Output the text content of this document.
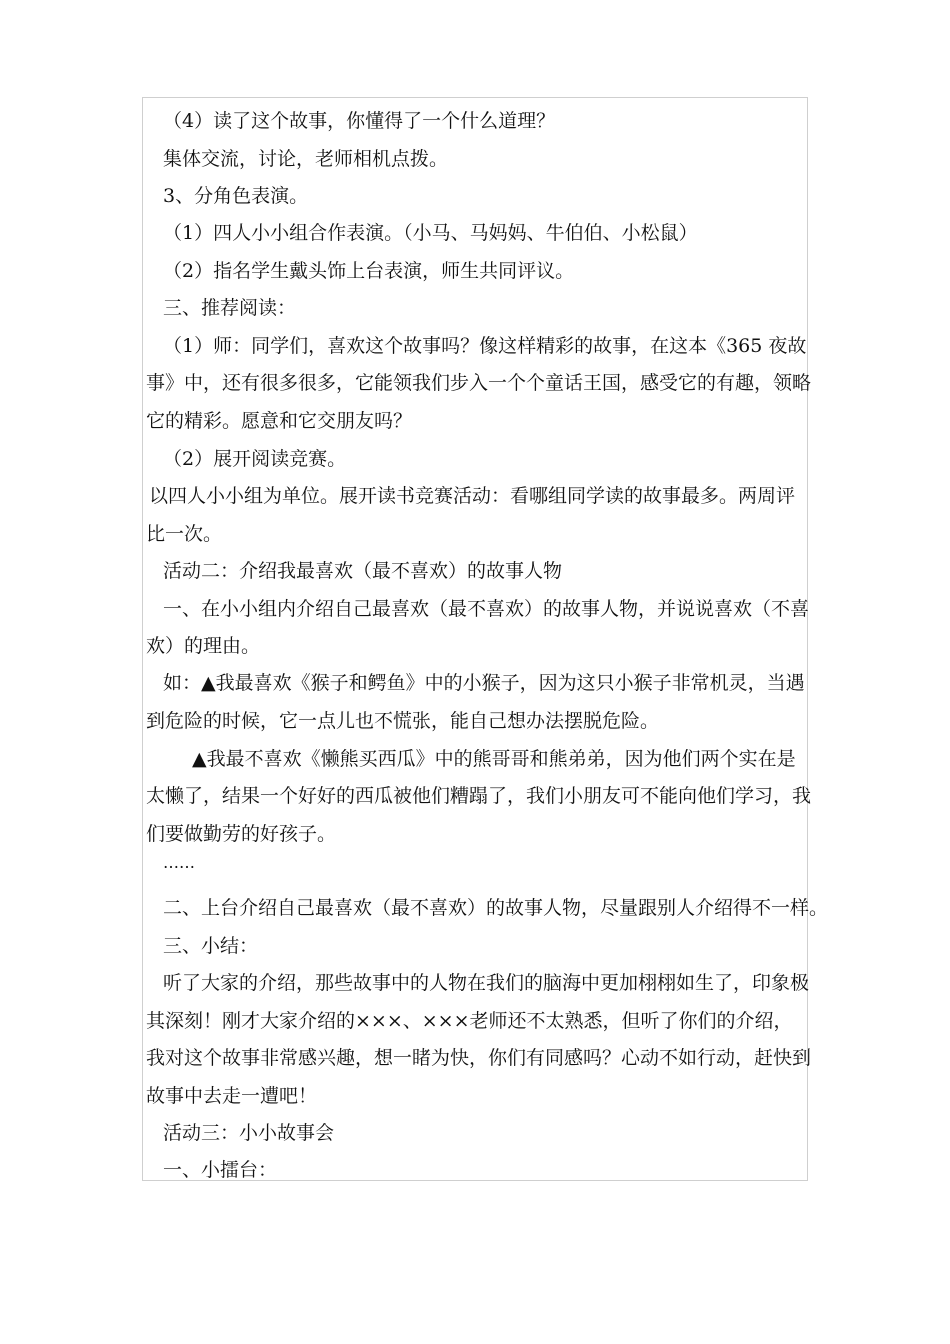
（4）读了这个故事，你懂得了一个什么道理？
集体交流，讨论，老师相机点拨。
3、分角色表演。
（1）四人小小组合作表演。（小马、马妈妈、牛伯伯、小松鼠）
（2）指名学生戴头饰上台表演，师生共同评议。
三、推荐阅读：
（1）师：同学们，喜欢这个故事吗？像这样精彩的故事，在这本《365 夜故
事》中，还有很多很多，它能领我们步入一个个童话王国，感受它的有趣，领略
它的精彩。愿意和它交朋友吗？
（2）展开阅读竞赛。
以四人小小组为单位。展开读书竞赛活动：看哪组同学读的故事最多。两周评
比一次。
活动二：介绍我最喜欢（最不喜欢）的故事人物
一、在小小组内介绍自己最喜欢（最不喜欢）的故事人物，并说说喜欢（不喜
欢）的理由。
如：▲我最喜欢《猴子和鳄鱼》中的小猴子，因为这只小猴子非常机灵，当遇
到危险的时候，它一点儿也不慌张，能自己想办法摆脱危险。
▲我最不喜欢《懒熊买西瓜》中的熊哥哥和熊弟弟，因为他们两个实在是
太懒了，结果一个好好的西瓜被他们糟蹋了，我们小朋友可不能向他们学习，我
们要做勤劳的好孩子。
……
二、上台介绍自己最喜欢（最不喜欢）的故事人物，尽量跟别人介绍得不一样。
三、小结：
听了大家的介绍，那些故事中的人物在我们的脑海中更加栩栩如生了，印象极
其深刻！刚才大家介绍的×××、×××老师还不太熟悉，但听了你们的介绍，
我对这个故事非常感兴趣，想一睹为快，你们有同感吗？心动不如行动，赶快到
故事中去走一遭吧！
活动三：小小故事会
一、小擂台：
